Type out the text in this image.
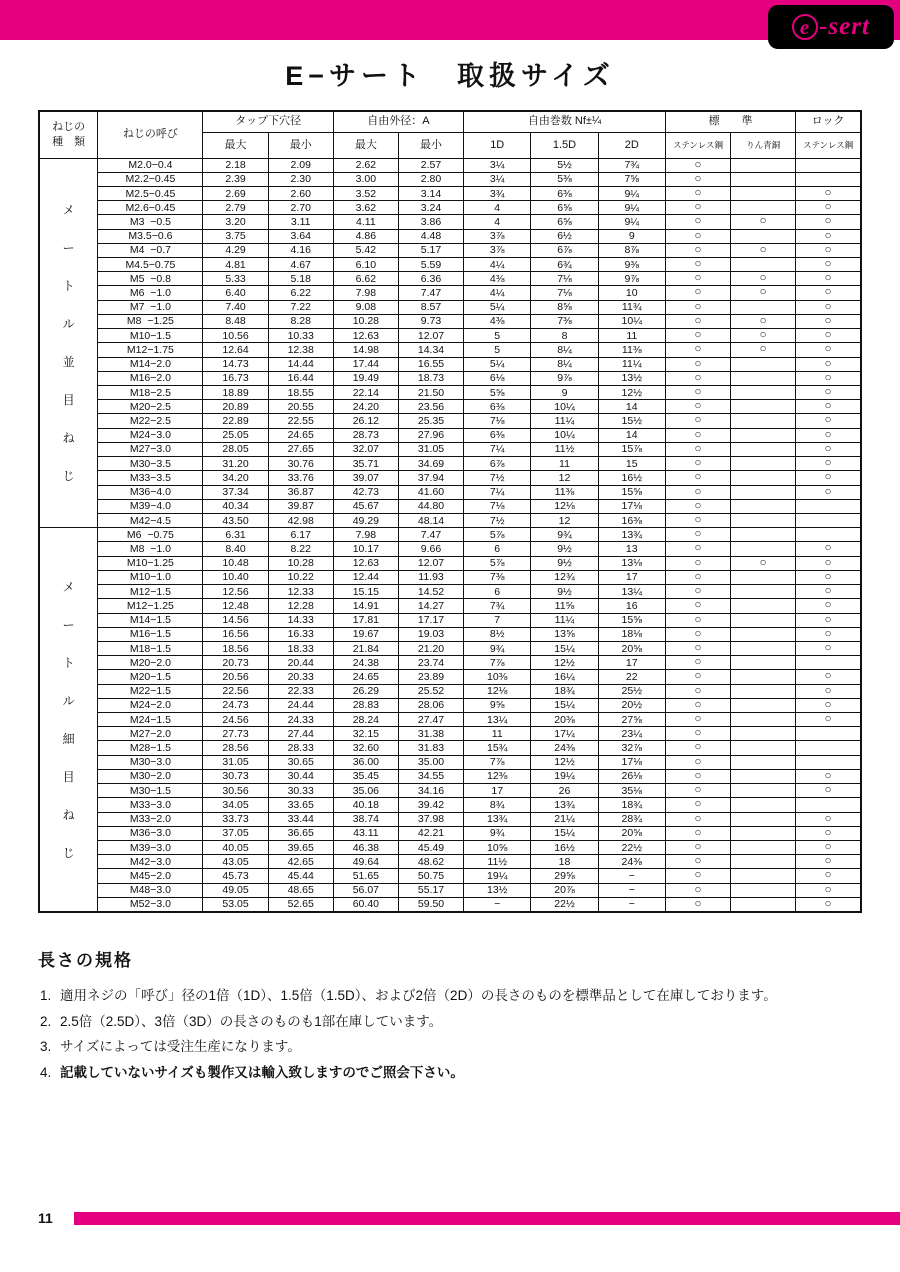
e -sert
E−サート　取扱サイズ
ねじの
種　類	ねじの呼び	タップ下穴径		自由外径：A		自由巻数 Nf±¼			標　　準		ロック
		最大	最小	最大	最小	1D	1.5D	2D	ステンレス鋼	りん青銅	ステンレス鋼
メ
ー
ト
ル
並
目
ね
じ	M2.0−0.4	2.18	2.09	2.62	2.57	3¼	5½	7¾	○		
	M2.2−0.45	2.39	2.30	3.00	2.80	3¼	5⅜	7⅝	○		
	M2.5−0.45	2.69	2.60	3.52	3.14	3¾	6⅜	9¼	○		○
	M2.6−0.45	2.79	2.70	3.62	3.24	4	6⅝	9¼	○		○
	M3  −0.5	3.20	3.11	4.11	3.86	4	6⅝	9¼	○	○	○
	M3.5−0.6	3.75	3.64	4.86	4.48	3⅞	6½	9	○		○
	M4  −0.7	4.29	4.16	5.42	5.17	3⅞	6⅞	8⅞	○	○	○
	M4.5−0.75	4.81	4.67	6.10	5.59	4¼	6¾	9⅜	○		○
	M5  −0.8	5.33	5.18	6.62	6.36	4⅜	7⅛	9⅞	○	○	○
	M6  −1.0	6.40	6.22	7.98	7.47	4¼	7⅛	10	○	○	○
	M7  −1.0	7.40	7.22	9.08	8.57	5¼	8⅝	11¾	○		○
	M8  −1.25	8.48	8.28	10.28	9.73	4⅜	7⅜	10¼	○	○	○
	M10−1.5	10.56	10.33	12.63	12.07	5	8	11	○	○	○
	M12−1.75	12.64	12.38	14.98	14.34	5	8¼	11⅜	○	○	○
	M14−2.0	14.73	14.44	17.44	16.55	5¼	8¼	11¼	○		○
	M16−2.0	16.73	16.44	19.49	18.73	6⅛	9⅞	13½	○		○
	M18−2.5	18.89	18.55	22.14	21.50	5⅝	9	12½	○		○
	M20−2.5	20.89	20.55	24.20	23.56	6⅜	10¼	14	○		○
	M22−2.5	22.89	22.55	26.12	25.35	7⅛	11¼	15½	○		○
	M24−3.0	25.05	24.65	28.73	27.96	6⅜	10¼	14	○		○
	M27−3.0	28.05	27.65	32.07	31.05	7¼	11½	15⅞	○		○
	M30−3.5	31.20	30.76	35.71	34.69	6⅞	11	15	○		○
	M33−3.5	34.20	33.76	39.07	37.94	7½	12	16½	○		○
	M36−4.0	37.34	36.87	42.73	41.60	7¼	11⅜	15⅝	○		○
	M39−4.0	40.34	39.87	45.67	44.80	7⅛	12⅛	17⅛	○		
	M42−4.5	43.50	42.98	49.29	48.14	7½	12	16⅜	○		
メ
ー
ト
ル
細
目
ね
じ	M6  −0.75	6.31	6.17	7.98	7.47	5⅞	9¾	13¾	○		
	M8  −1.0	8.40	8.22	10.17	9.66	6	9½	13	○		○
	M10−1.25	10.48	10.28	12.63	12.07	5⅞	9½	13⅛	○	○	○
	M10−1.0	10.40	10.22	12.44	11.93	7⅜	12¾	17	○		○
	M12−1.5	12.56	12.33	15.15	14.52	6	9½	13¼	○		○
	M12−1.25	12.48	12.28	14.91	14.27	7¾	11⅝	16	○		○
	M14−1.5	14.56	14.33	17.81	17.17	7	11¼	15⅝	○		○
	M16−1.5	16.56	16.33	19.67	19.03	8½	13⅝	18⅛	○		○
	M18−1.5	18.56	18.33	21.84	21.20	9¾	15¼	20⅝	○		○
	M20−2.0	20.73	20.44	24.38	23.74	7⅞	12½	17	○		
	M20−1.5	20.56	20.33	24.65	23.89	10⅜	16¼	22	○		○
	M22−1.5	22.56	22.33	26.29	25.52	12⅛	18¾	25½	○		○
	M24−2.0	24.73	24.44	28.83	28.06	9⅝	15¼	20½	○		○
	M24−1.5	24.56	24.33	28.24	27.47	13¼	20⅜	27⅝	○		○
	M27−2.0	27.73	27.44	32.15	31.38	11	17¼	23¼	○		
	M28−1.5	28.56	28.33	32.60	31.83	15¾	24⅜	32⅞	○		
	M30−3.0	31.05	30.65	36.00	35.00	7⅞	12½	17⅛	○		
	M30−2.0	30.73	30.44	35.45	34.55	12⅜	19¼	26⅛	○		○
	M30−1.5	30.56	30.33	35.06	34.16	17	26	35⅛	○		○
	M33−3.0	34.05	33.65	40.18	39.42	8¾	13¾	18¾	○		
	M33−2.0	33.73	33.44	38.74	37.98	13¾	21¼	28¾	○		○
	M36−3.0	37.05	36.65	43.11	42.21	9¾	15¼	20⅝	○		○
	M39−3.0	40.05	39.65	46.38	45.49	10⅝	16½	22½	○		○
	M42−3.0	43.05	42.65	49.64	48.62	11½	18	24⅜	○		○
	M45−2.0	45.73	45.44	51.65	50.75	19¼	29⅝	−	○		○
	M48−3.0	49.05	48.65	56.07	55.17	13½	20⅞	−	○		○
	M52−3.0	53.05	52.65	60.40	59.50	−	22½	−	○		○
長さの規格
1. 適用ネジの「呼び」径の1倍（1D）、1.5倍（1.5D）、および2倍（2D）の長さのものを標準品として在庫しております。
2. 2.5倍（2.5D）、3倍（3D）の長さのものも1部在庫しています。
3. サイズによっては受注生産になります。
4. 記載していないサイズも製作又は輸入致しますのでご照会下さい。
11
